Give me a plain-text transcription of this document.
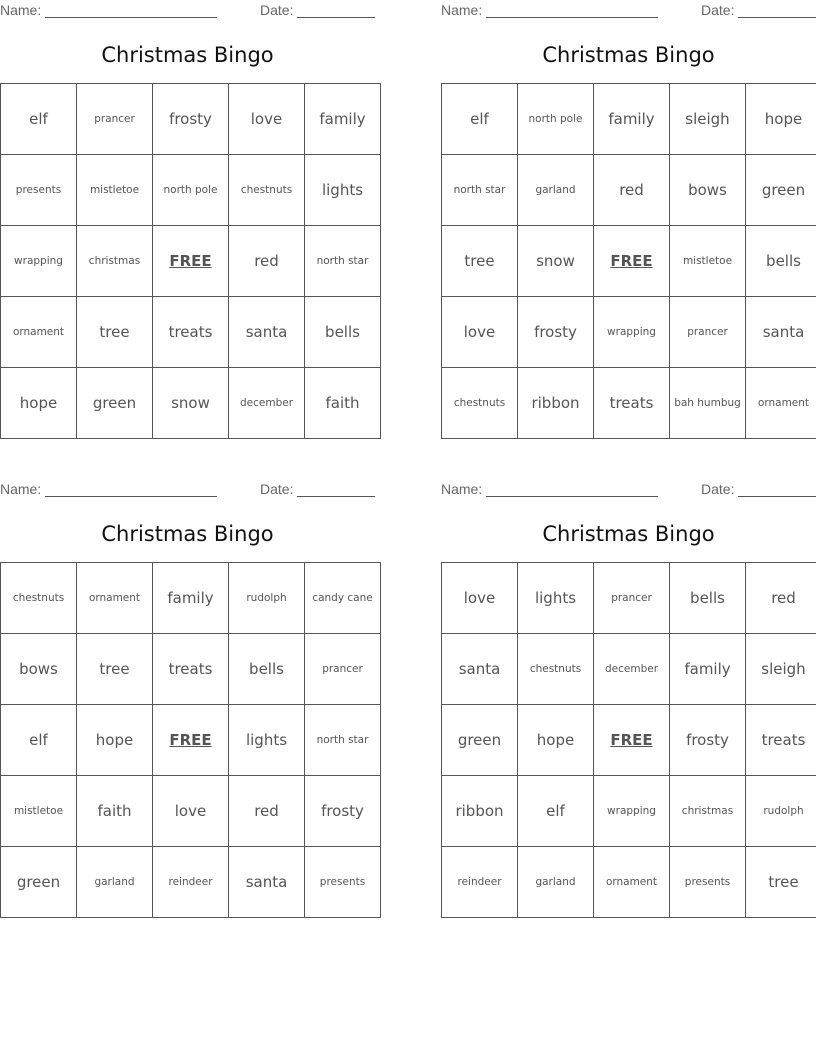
Name:	Date:
Christmas Bingo
elf	prancer	frosty	love	family
presents	mistletoe	north pole	chestnuts	lights
wrapping	christmas	FREE	red	north star
ornament	tree	treats	santa	bells
hope	green	snow	december	faith
Name:	Date:
Christmas Bingo
elf	north pole	family	sleigh	hope
north star	garland	red	bows	green
tree	snow	FREE	mistletoe	bells
love	frosty	wrapping	prancer	santa
chestnuts	ribbon	treats	bah humbug	ornament
Name:	Date:
Christmas Bingo
chestnuts	ornament	family	rudolph	candy cane
bows	tree	treats	bells	prancer
elf	hope	FREE	lights	north star
mistletoe	faith	love	red	frosty
green	garland	reindeer	santa	presents
Name:	Date:
Christmas Bingo
love	lights	prancer	bells	red
santa	chestnuts	december	family	sleigh
green	hope	FREE	frosty	treats
ribbon	elf	wrapping	christmas	rudolph
reindeer	garland	ornament	presents	tree
